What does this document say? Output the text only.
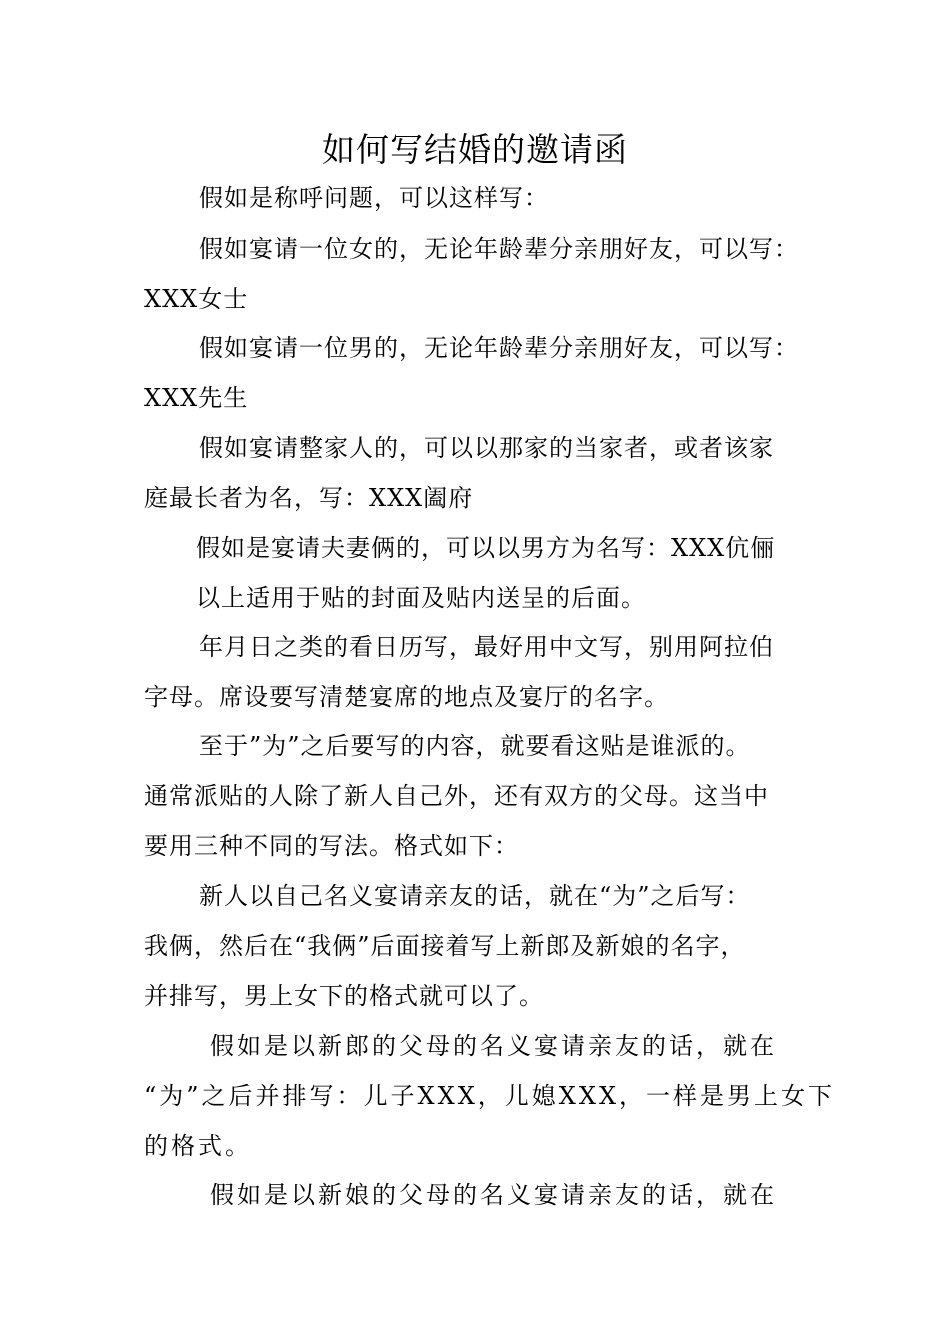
如何写结婚的邀请函
假如是称呼问题，可以这样写：
假如宴请一位女的，无论年龄辈分亲朋好友，可以写：
XXX女士
假如宴请一位男的，无论年龄辈分亲朋好友，可以写：
XXX先生
假如宴请整家人的，可以以那家的当家者，或者该家
庭最长者为名，写：XXX阖府
假如是宴请夫妻俩的，可以以男方为名写：XXX伉俪
以上适用于贴的封面及贴内送呈的后面。
年月日之类的看日历写，最好用中文写，别用阿拉伯
字母。席设要写清楚宴席的地点及宴厅的名字。
至于”为”之后要写的内容，就要看这贴是谁派的。
通常派贴的人除了新人自己外，还有双方的父母。这当中
要用三种不同的写法。格式如下：
新人以自己名义宴请亲友的话，就在“为”之后写：
我俩，然后在“我俩”后面接着写上新郎及新娘的名字，
并排写，男上女下的格式就可以了。
假如是以新郎的父母的名义宴请亲友的话，就在
“为”之后并排写：儿子XXX，儿媳XXX，一样是男上女下
的格式。
假如是以新娘的父母的名义宴请亲友的话，就在
